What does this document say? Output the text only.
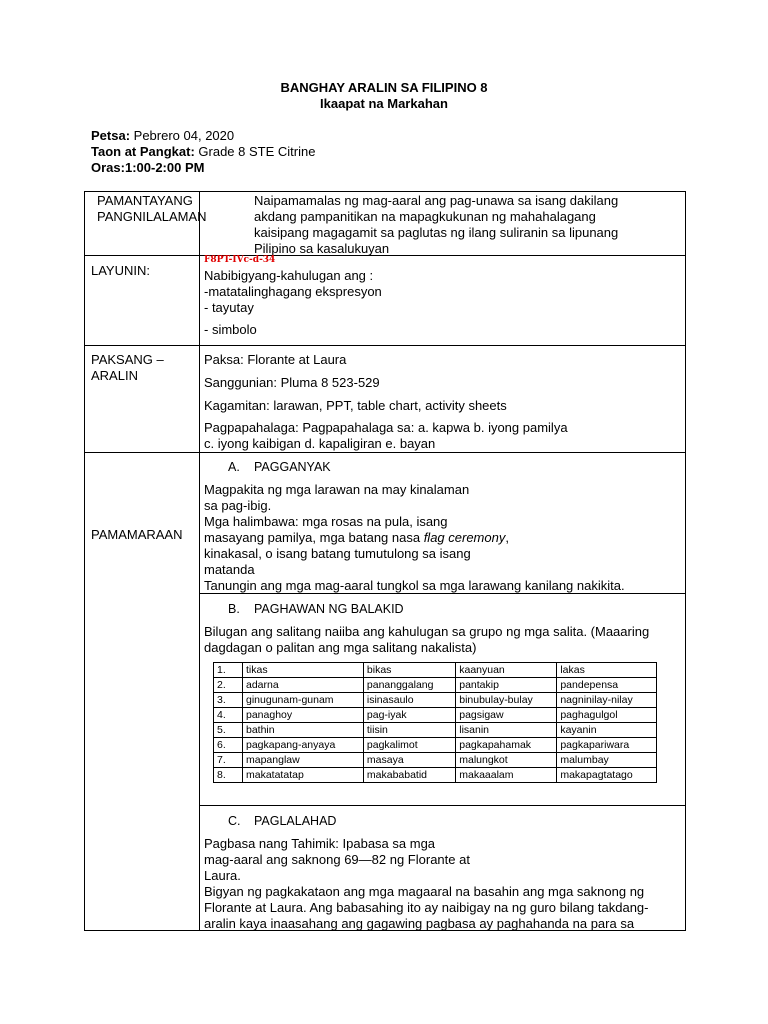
BANGHAY ARALIN SA FILIPINO 8
Ikaapat na Markahan
Petsa: Pebrero 04, 2020
Taon at Pangkat: Grade 8 STE Citrine
Oras:1:00-2:00 PM
PAMANTAYANG
PANGNILALAMAN
Naipamamalas ng mag-aaral ang pag-unawa sa isang dakilang
akdang pampanitikan na mapagkukunan ng mahahalagang
kaisipang magagamit sa paglutas ng ilang suliranin sa lipunang
Pilipino sa kasalukuyan
LAYUNIN:
F8PT-IVc-d-34
Nabibigyang-kahulugan ang :
-matatalinghagang ekspresyon
- tayutay
- simbolo
PAKSANG –
ARALIN
Paksa: Florante at Laura
Sanggunian: Pluma 8 523-529
Kagamitan: larawan, PPT, table chart, activity sheets
Pagpapahalaga: Pagpapahalaga sa: a. kapwa b. iyong pamilya
c. iyong kaibigan d. kapaligiran e. bayan
PAMAMARAAN
A. PAGGANYAK
Magpakita ng mga larawan na may kinalaman
sa pag-ibig.
Mga halimbawa: mga rosas na pula, isang
masayang pamilya, mga batang nasa flag ceremony,
kinakasal, o isang batang tumutulong sa isang
matanda
Tanungin ang mga mag-aaral tungkol sa mga larawang kanilang nakikita.
B. PAGHAWAN NG BALAKID
Bilugan ang salitang naiiba ang kahulugan sa grupo ng mga salita. (Maaaring
dagdagan o palitan ang mga salitang nakalista)
1.	tikas	bikas	kaanyuan	lakas
2.	adarna	pananggalang	pantakip	pandepensa
3.	ginugunam-gunam	isinasaulo	binubulay-bulay	nagninilay-nilay
4.	panaghoy	pag-iyak	pagsigaw	paghagulgol
5.	bathin	tiisin	lisanin	kayanin
6.	pagkapang-anyaya	pagkalimot	pagkapahamak	pagkapariwara
7.	mapanglaw	masaya	malungkot	malumbay
8.	makatatatap	makababatid	makaaalam	makapagtatago
C. PAGLALAHAD
Pagbasa nang Tahimik: Ipabasa sa mga
mag-aaral ang saknong 69—82 ng Florante at
Laura.
Bigyan ng pagkakataon ang mga magaaral na basahin ang mga saknong ng
Florante at Laura. Ang babasahing ito ay naibigay na ng guro bilang takdang-
aralin kaya inaasahang ang gagawing pagbasa ay paghahanda na para sa
